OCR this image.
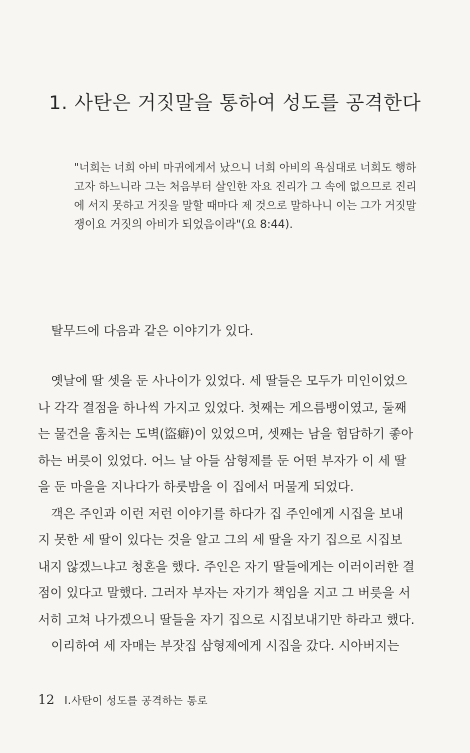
1. 사탄은 거짓말을 통하여 성도를 공격한다
"너희는 너희 아비 마귀에게서 났으니 너희 아비의 욕심대로 너희도 행하
고자 하느니라 그는 처음부터 살인한 자요 진리가 그 속에 없으므로 진리
에 서지 못하고 거짓을 말할 때마다 제 것으로 말하나니 이는 그가 거짓말
쟁이요 거짓의 아비가 되었음이라"(요 8:44).
탈무드에 다음과 같은 이야기가 있다.
옛날에 딸 셋을 둔 사나이가 있었다. 세 딸들은 모두가 미인이었으
나 각각 결점을 하나씩 가지고 있었다. 첫째는 게으름뱅이였고, 둘째
는 물건을 훔치는 도벽(盜癖)이 있었으며, 셋째는 남을 험담하기 좋아
하는 버릇이 있었다. 어느 날 아들 삼형제를 둔 어떤 부자가 이 세 딸
을 둔 마을을 지나다가 하룻밤을 이 집에서 머물게 되었다.
객은 주인과 이런 저런 이야기를 하다가 집 주인에게 시집을 보내
지 못한 세 딸이 있다는 것을 알고 그의 세 딸을 자기 집으로 시집보
내지 않겠느냐고 청혼을 했다. 주인은 자기 딸들에게는 이러이러한 결
점이 있다고 말했다. 그러자 부자는 자기가 책임을 지고 그 버릇을 서
서히 고쳐 나가겠으니 딸들을 자기 집으로 시집보내기만 하라고 했다.
이리하여 세 자매는 부잣집 삼형제에게 시집을 갔다. 시아버지는
12 I.사탄이 성도를 공격하는 통로
